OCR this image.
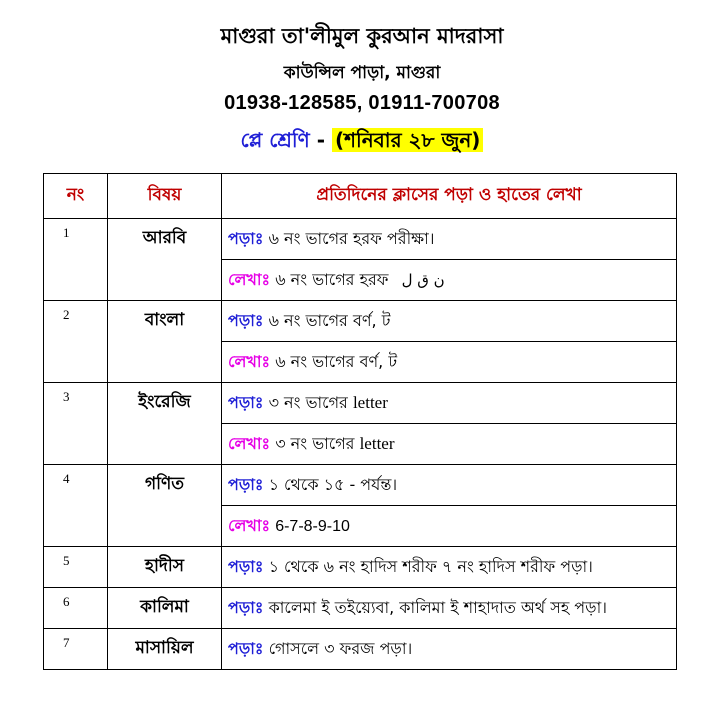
মাগুরা তা'লীমুল কুরআন মাদরাসা
কাউন্সিল পাড়া, মাগুরা
01938-128585, 01911-700708
প্লে শ্রেণি - (শনিবার ২৮ জুন)
নং	বিষয়	প্রতিদিনের ক্লাসের পড়া ও হাতের লেখা
1	আরবি	পড়াঃ ৬ নং ভাগের হরফ পরীক্ষা।
		লেখাঃ ৬ নং ভাগের হরফ ن ق ل
2	বাংলা	পড়াঃ ৬ নং ভাগের বর্ণ, ট
		লেখাঃ ৬ নং ভাগের বর্ণ, ট
3	ইংরেজি	পড়াঃ ৩ নং ভাগের letter
		লেখাঃ ৩ নং ভাগের letter
4	গণিত	পড়াঃ ১ থেকে ১৫ - পর্যন্ত।
		লেখাঃ 6-7-8-9-10
5	হাদীস	পড়াঃ ১ থেকে ৬ নং হাদিস শরীফ ৭ নং হাদিস শরীফ পড়া।
6	কালিমা	পড়াঃ কালেমা ই তইয়্যেবা, কালিমা ই শাহাদাত অর্থ সহ পড়া।
7	মাসায়িল	পড়াঃ গোসলে ৩ ফরজ পড়া।
